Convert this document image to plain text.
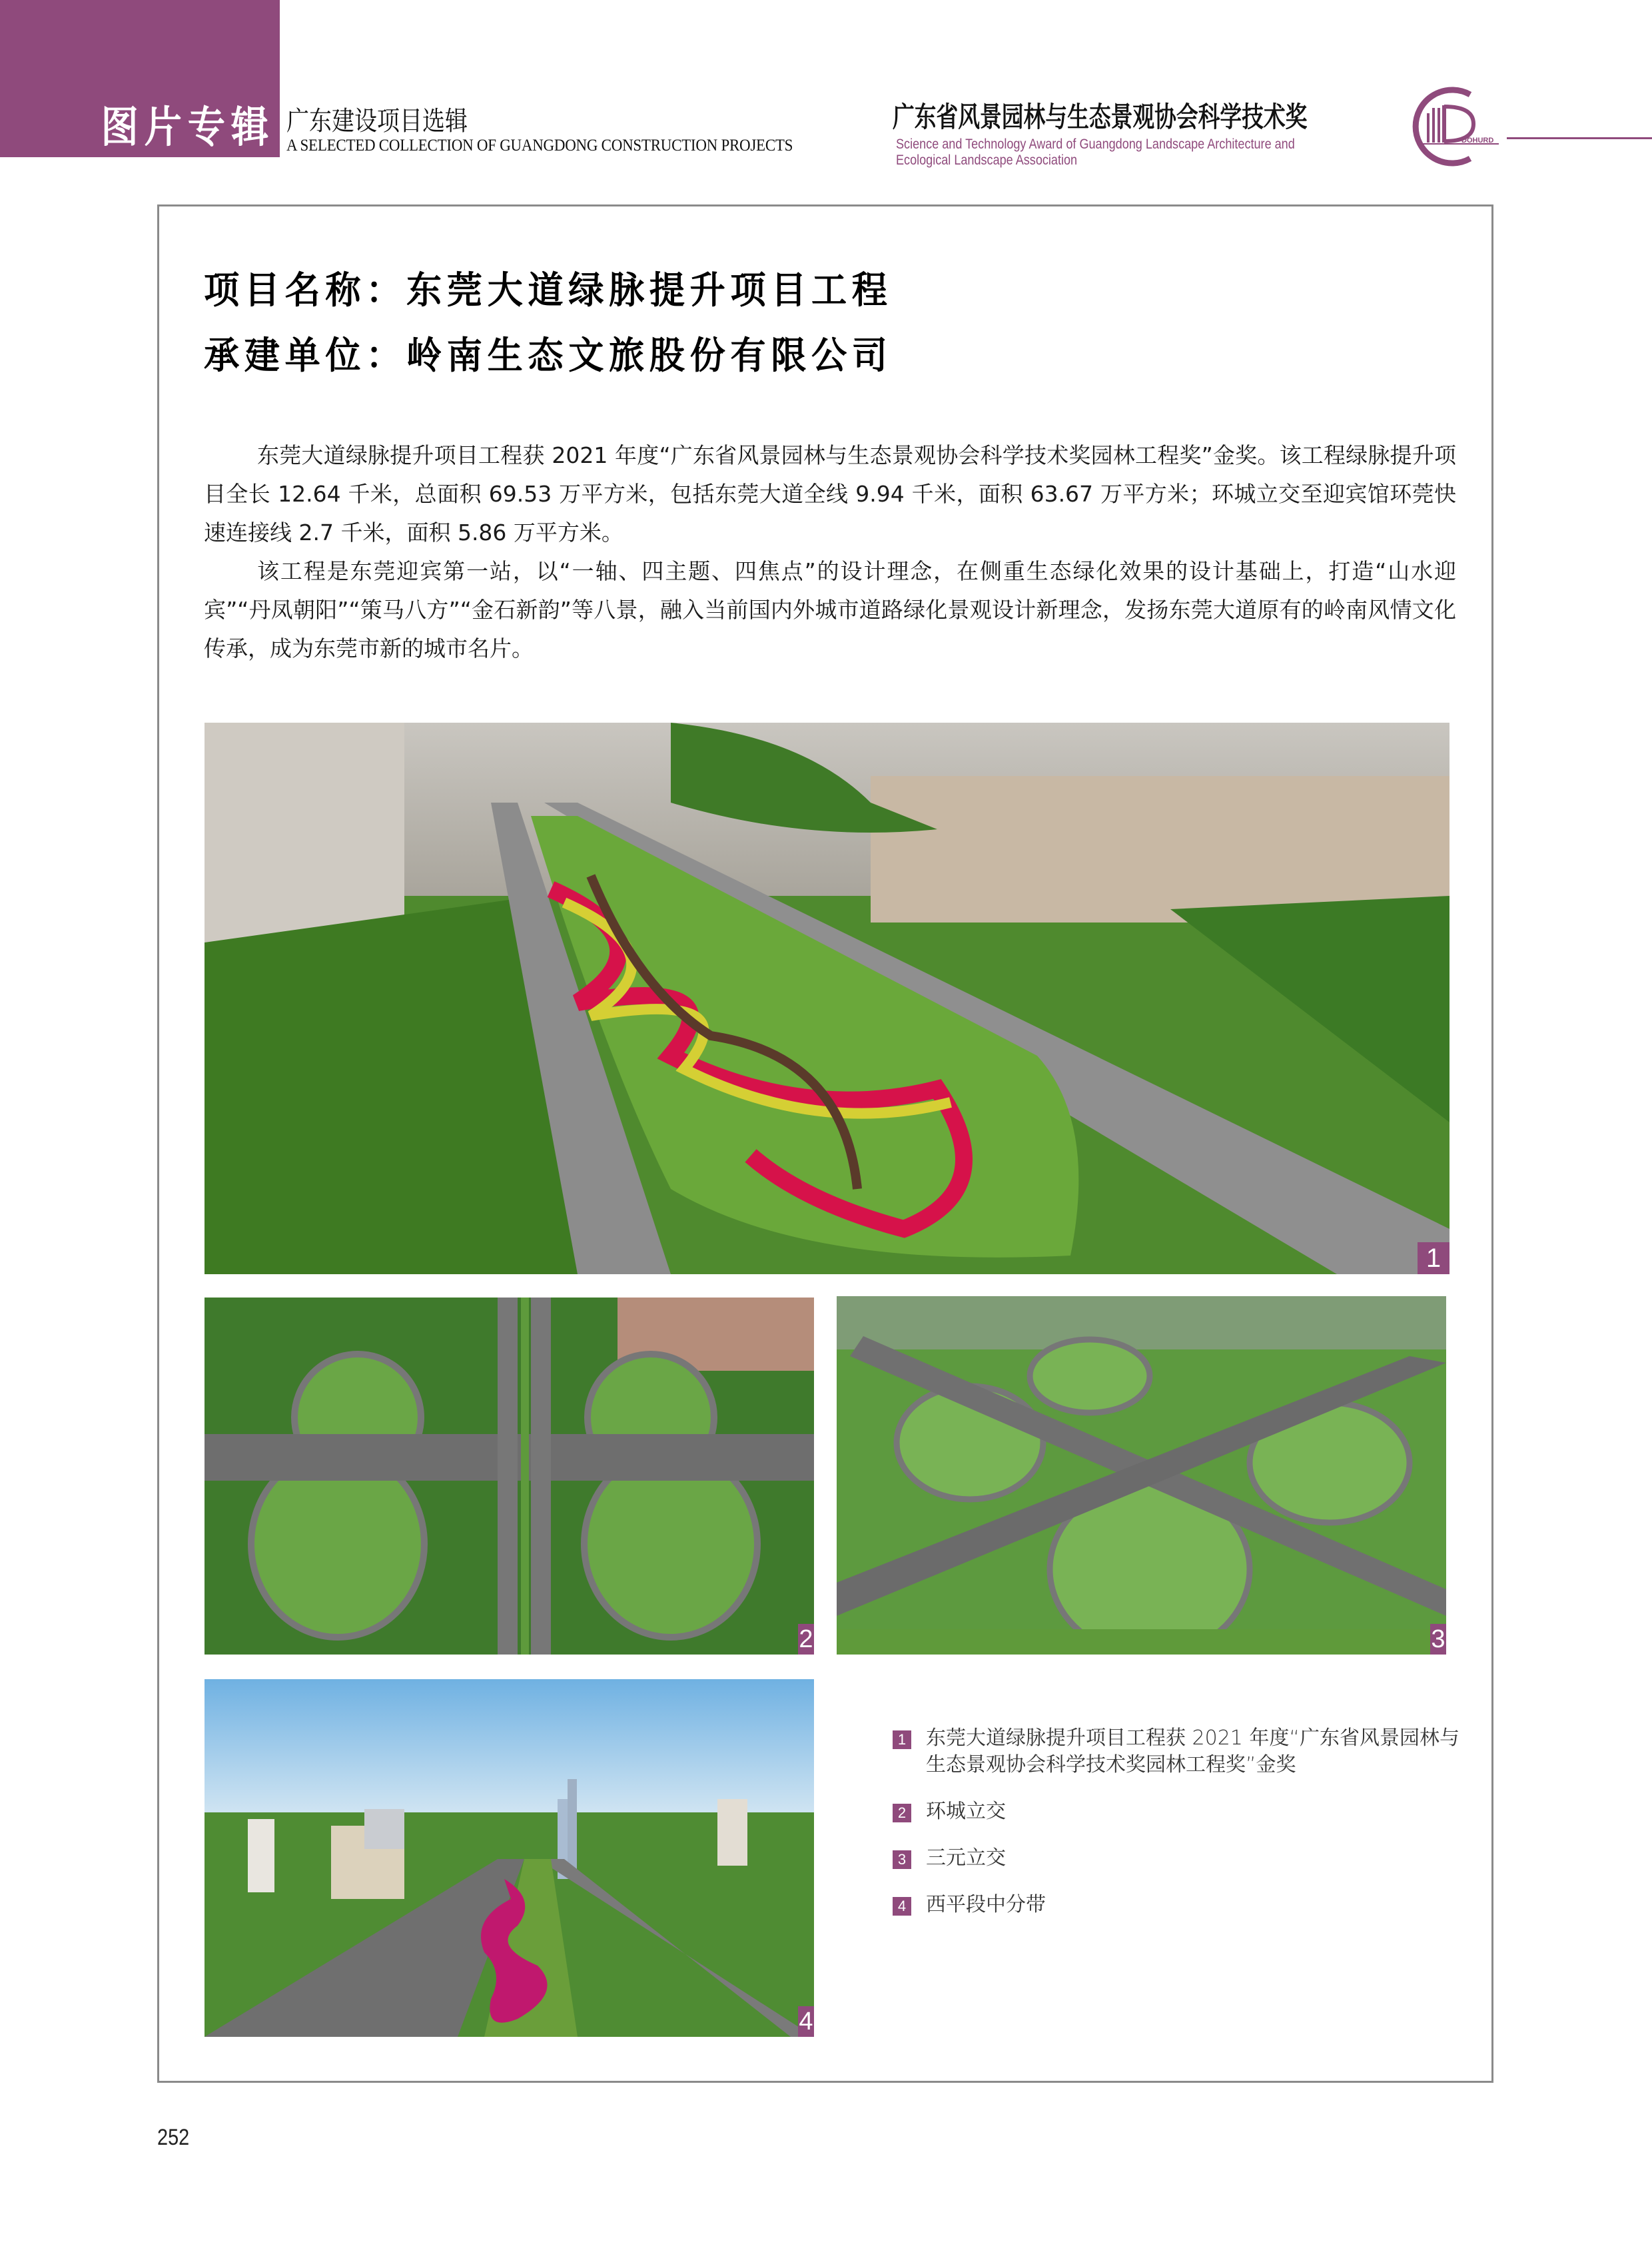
图片专辑 广东建设项目选辑
A SELECTED COLLECTION OF GUANGDONG CONSTRUCTION PROJECTS
广东省风景园林与生态景观协会科学技术奖
Science and Technology Award of Guangdong Landscape Architecture and Ecological Landscape Association
DOHURD
项目名称：东莞大道绿脉提升项目工程
承建单位：岭南生态文旅股份有限公司

东莞大道绿脉提升项目工程获 2021 年度“广东省风景园林与生态景观协会科学技术奖园林工程奖”金奖。该工程绿脉提升项目全长 12.64 千米，总面积 69.53 万平方米，包括东莞大道全线 9.94 千米，面积 63.67 万平方米；环城立交至迎宾馆环莞快速连接线 2.7 千米，面积 5.86 万平方米。

该工程是东莞迎宾第一站，以“一轴、四主题、四焦点”的设计理念，在侧重生态绿化效果的设计基础上，打造“山水迎宾”“丹凤朝阳”“策马八方”“金石新韵”等八景，融入当前国内外城市道路绿化景观设计新理念，发扬东莞大道原有的岭南风情文化传承，成为东莞市新的城市名片。

1
2	3
4
1 东莞大道绿脉提升项目工程获 2021 年度“广东省风景园林与生态景观协会科学技术奖园林工程奖”金奖
2 环城立交
3 三元立交
4 西平段中分带
252
